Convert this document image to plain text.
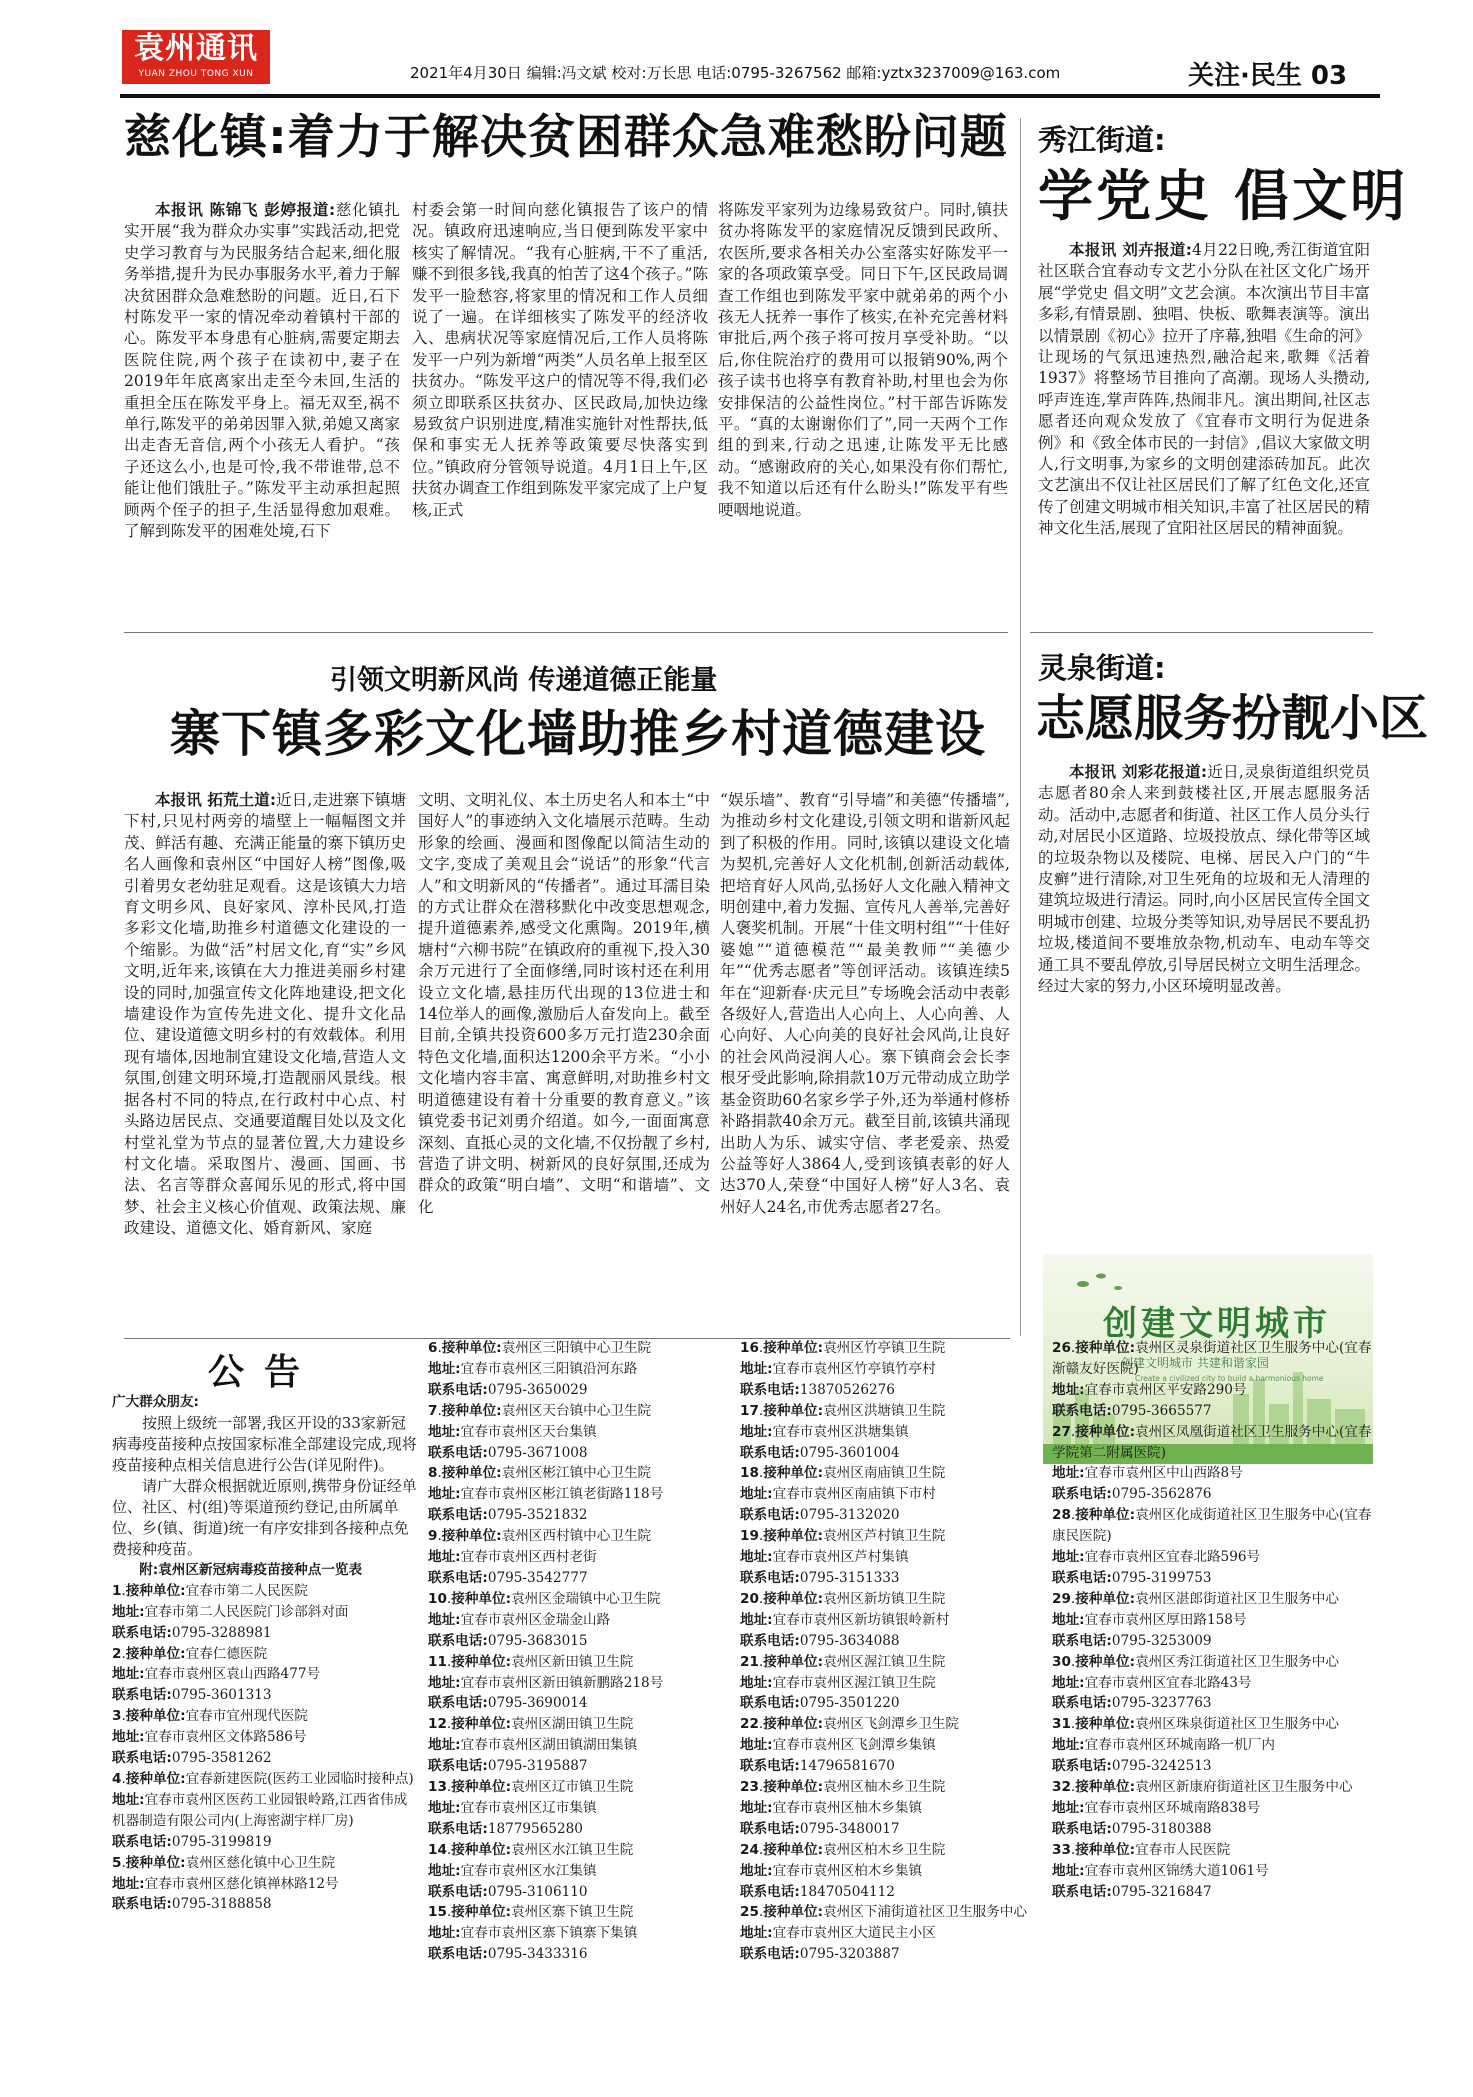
袁州通讯
YUAN ZHOU TONG XUN	2021年4月30日 编辑:冯文斌 校对:万长思 电话:0795-3267562 邮箱:yztx3237009@163.com	关注·民生 03
慈化镇:着力于解决贫困群众急难愁盼问题

本报讯 陈锦飞 彭婷报道:慈化镇扎实开展“我为群众办实事”实践活动,把党史学习教育与为民服务结合起来,细化服务举措,提升为民办事服务水平,着力于解决贫困群众急难愁盼的问题。近日,石下村陈发平一家的情况牵动着镇村干部的心。陈发平本身患有心脏病,需要定期去医院住院,两个孩子在读初中,妻子在2019年年底离家出走至今未回,生活的重担全压在陈发平身上。福无双至,祸不单行,陈发平的弟弟因罪入狱,弟媳又离家出走杳无音信,两个小孩无人看护。“孩子还这么小,也是可怜,我不带谁带,总不能让他们饿肚子。”陈发平主动承担起照顾两个侄子的担子,生活显得愈加艰难。了解到陈发平的困难处境,石下

村委会第一时间向慈化镇报告了该户的情况。镇政府迅速响应,当日便到陈发平家中核实了解情况。“我有心脏病,干不了重活,赚不到很多钱,我真的怕苦了这4个孩子。”陈发平一脸愁容,将家里的情况和工作人员细说了一遍。在详细核实了陈发平的经济收入、患病状况等家庭情况后,工作人员将陈发平一户列为新增“两类”人员名单上报至区扶贫办。“陈发平这户的情况等不得,我们必须立即联系区扶贫办、区民政局,加快边缘易致贫户识别进度,精准实施针对性帮扶,低保和事实无人抚养等政策要尽快落实到位。”镇政府分管领导说道。4月1日上午,区扶贫办调查工作组到陈发平家完成了上户复核,正式

将陈发平家列为边缘易致贫户。同时,镇扶贫办将陈发平的家庭情况反馈到民政所、农医所,要求各相关办公室落实好陈发平一家的各项政策享受。同日下午,区民政局调查工作组也到陈发平家中就弟弟的两个小孩无人抚养一事作了核实,在补充完善材料审批后,两个孩子将可按月享受补助。“以后,你住院治疗的费用可以报销90%,两个孩子读书也将享有教育补助,村里也会为你安排保洁的公益性岗位。”村干部告诉陈发平。“真的太谢谢你们了”,同一天两个工作组的到来,行动之迅速,让陈发平无比感动。“感谢政府的关心,如果没有你们帮忙,我不知道以后还有什么盼头!”陈发平有些哽咽地说道。

秀江街道:
学党史 倡文明

本报讯 刘卉报道:4月22日晚,秀江街道宜阳社区联合宜春动专文艺小分队在社区文化广场开展“学党史 倡文明”文艺会演。本次演出节目丰富多彩,有情景剧、独唱、快板、歌舞表演等。演出以情景剧《初心》拉开了序幕,独唱《生命的河》让现场的气氛迅速热烈,融洽起来,歌舞《活着1937》将整场节目推向了高潮。现场人头攒动,呼声连连,掌声阵阵,热闹非凡。演出期间,社区志愿者还向观众发放了《宜春市文明行为促进条例》和《致全体市民的一封信》,倡议大家做文明人,行文明事,为家乡的文明创建添砖加瓦。此次文艺演出不仅让社区居民们了解了红色文化,还宣传了创建文明城市相关知识,丰富了社区居民的精神文化生活,展现了宜阳社区居民的精神面貌。

引领文明新风尚 传递道德正能量
寨下镇多彩文化墙助推乡村道德建设

本报讯 拓荒土道:近日,走进寨下镇塘下村,只见村两旁的墙壁上一幅幅图文并茂、鲜活有趣、充满正能量的寨下镇历史名人画像和袁州区“中国好人榜”图像,吸引着男女老幼驻足观看。这是该镇大力培育文明乡风、良好家风、淳朴民风,打造多彩文化墙,助推乡村道德文化建设的一个缩影。为做“活”村居文化,育“实”乡风文明,近年来,该镇在大力推进美丽乡村建设的同时,加强宣传文化阵地建设,把文化墙建设作为宣传先进文化、提升文化品位、建设道德文明乡村的有效载体。利用现有墙体,因地制宜建设文化墙,营造人文氛围,创建文明环境,打造靓丽风景线。根据各村不同的特点,在行政村中心点、村头路边居民点、交通要道醒目处以及文化村堂礼堂为节点的显著位置,大力建设乡村文化墙。采取图片、漫画、国画、书法、名言等群众喜闻乐见的形式,将中国梦、社会主义核心价值观、政策法规、廉政建设、道德文化、婚育新风、家庭

文明、文明礼仪、本土历史名人和本土“中国好人”的事迹纳入文化墙展示范畴。生动形象的绘画、漫画和图像配以简洁生动的文字,变成了美观且会“说话”的形象“代言人”和文明新风的“传播者”。通过耳濡目染的方式让群众在潜移默化中改变思想观念,提升道德素养,感受文化熏陶。2019年,横塘村“六柳书院”在镇政府的重视下,投入30余万元进行了全面修缮,同时该村还在利用设立文化墙,悬挂历代出现的13位进士和14位举人的画像,激励后人奋发向上。截至目前,全镇共投资600多万元打造230余面特色文化墙,面积达1200余平方米。“小小文化墙内容丰富、寓意鲜明,对助推乡村文明道德建设有着十分重要的教育意义。”该镇党委书记刘勇介绍道。如今,一面面寓意深刻、直抵心灵的文化墙,不仅扮靓了乡村,营造了讲文明、树新风的良好氛围,还成为群众的政策“明白墙”、文明“和谐墙”、文化

“娱乐墙”、教育“引导墙”和美德“传播墙”,为推动乡村文化建设,引领文明和谐新风起到了积极的作用。同时,该镇以建设文化墙为契机,完善好人文化机制,创新活动载体,把培育好人风尚,弘扬好人文化融入精神文明创建中,着力发掘、宣传凡人善举,完善好人褒奖机制。开展“十佳文明村组”“十佳好婆媳”“道德模范”“最美教师”“美德少年”“优秀志愿者”等创评活动。该镇连续5年在“迎新春·庆元旦”专场晚会活动中表彰各级好人,营造出人心向上、人心向善、人心向好、人心向美的良好社会风尚,让良好的社会风尚浸润人心。寨下镇商会会长李根牙受此影响,除捐款10万元带动成立助学基金资助60名家乡学子外,还为举通村修桥补路捐款40余万元。截至目前,该镇共涌现出助人为乐、诚实守信、孝老爱亲、热爱公益等好人3864人,受到该镇表彰的好人达370人,荣登“中国好人榜”好人3名、袁州好人24名,市优秀志愿者27名。

灵泉街道:
志愿服务扮靓小区

本报讯 刘彩花报道:近日,灵泉街道组织党员志愿者80余人来到鼓楼社区,开展志愿服务活动。活动中,志愿者和街道、社区工作人员分头行动,对居民小区道路、垃圾投放点、绿化带等区域的垃圾杂物以及楼院、电梯、居民入户门的“牛皮癣”进行清除,对卫生死角的垃圾和无人清理的建筑垃圾进行清运。同时,向小区居民宣传全国文明城市创建、垃圾分类等知识,劝导居民不要乱扔垃圾,楼道间不要堆放杂物,机动车、电动车等交通工具不要乱停放,引导居民树立文明生活理念。经过大家的努力,小区环境明显改善。

创建文明城市
创建文明城市 共建和谐家园
Create a civilized city to build a harmonious home
公告
广大群众朋友:
按照上级统一部署,我区开设的33家新冠病毒疫苗接种点按国家标准全部建设完成,现将疫苗接种点相关信息进行公告(详见附件)。
请广大群众根据就近原则,携带身份证经单位、社区、村(组)等渠道预约登记,由所属单位、乡(镇、街道)统一有序安排到各接种点免费接种疫苗。
附:袁州区新冠病毒疫苗接种点一览表
1.接种单位:宜春市第二人民医院
地址:宜春市第二人民医院门诊部斜对面
联系电话:0795-3288981
2.接种单位:宜春仁德医院
地址:宜春市袁州区袁山西路477号
联系电话:0795-3601313
3.接种单位:宜春市宜州现代医院
地址:宜春市袁州区文体路586号
联系电话:0795-3581262
4.接种单位:宜春新建医院(医药工业园临时接种点)
地址:宜春市袁州区医药工业园银岭路,江西省伟成机器制造有限公司内(上海密湖宇样厂房)
联系电话:0795-3199819
5.接种单位:袁州区慈化镇中心卫生院
地址:宜春市袁州区慈化镇禅林路12号
联系电话:0795-3188858
6.接种单位:袁州区三阳镇中心卫生院
地址:宜春市袁州区三阳镇沿河东路
联系电话:0795-3650029
7.接种单位:袁州区天台镇中心卫生院
地址:宜春市袁州区天台集镇
联系电话:0795-3671008
8.接种单位:袁州区彬江镇中心卫生院
地址:宜春市袁州区彬江镇老街路118号
联系电话:0795-3521832
9.接种单位:袁州区西村镇中心卫生院
地址:宜春市袁州区西村老街
联系电话:0795-3542777
10.接种单位:袁州区金瑞镇中心卫生院
地址:宜春市袁州区金瑞金山路
联系电话:0795-3683015
11.接种单位:袁州区新田镇卫生院
地址:宜春市袁州区新田镇新鹏路218号
联系电话:0795-3690014
12.接种单位:袁州区湖田镇卫生院
地址:宜春市袁州区湖田镇湖田集镇
联系电话:0795-3195887
13.接种单位:袁州区辽市镇卫生院
地址:宜春市袁州区辽市集镇
联系电话:18779565280
14.接种单位:袁州区水江镇卫生院
地址:宜春市袁州区水江集镇
联系电话:0795-3106110
15.接种单位:袁州区寨下镇卫生院
地址:宜春市袁州区寨下镇寨下集镇
联系电话:0795-3433316
16.接种单位:袁州区竹亭镇卫生院
地址:宜春市袁州区竹亭镇竹亭村
联系电话:13870526276
17.接种单位:袁州区洪塘镇卫生院
地址:宜春市袁州区洪塘集镇
联系电话:0795-3601004
18.接种单位:袁州区南庙镇卫生院
地址:宜春市袁州区南庙镇下市村
联系电话:0795-3132020
19.接种单位:袁州区芦村镇卫生院
地址:宜春市袁州区芦村集镇
联系电话:0795-3151333
20.接种单位:袁州区新坊镇卫生院
地址:宜春市袁州区新坊镇银岭新村
联系电话:0795-3634088
21.接种单位:袁州区渥江镇卫生院
地址:宜春市袁州区渥江镇卫生院
联系电话:0795-3501220
22.接种单位:袁州区飞剑潭乡卫生院
地址:宜春市袁州区飞剑潭乡集镇
联系电话:14796581670
23.接种单位:袁州区柚木乡卫生院
地址:宜春市袁州区柚木乡集镇
联系电话:0795-3480017
24.接种单位:袁州区柏木乡卫生院
地址:宜春市袁州区柏木乡集镇
联系电话:18470504112
25.接种单位:袁州区下浦街道社区卫生服务中心
地址:宜春市袁州区大道民主小区
联系电话:0795-3203887
26.接种单位:袁州区灵泉街道社区卫生服务中心(宜春渐赣友好医院)
地址:宜春市袁州区平安路290号
联系电话:0795-3665577
27.接种单位:袁州区凤凰街道社区卫生服务中心(宜春学院第二附属医院)
地址:宜春市袁州区中山西路8号
联系电话:0795-3562876
28.接种单位:袁州区化成街道社区卫生服务中心(宜春康民医院)
地址:宜春市袁州区宜春北路596号
联系电话:0795-3199753
29.接种单位:袁州区湛郎街道社区卫生服务中心
地址:宜春市袁州区厚田路158号
联系电话:0795-3253009
30.接种单位:袁州区秀江街道社区卫生服务中心
地址:宜春市袁州区宜春北路43号
联系电话:0795-3237763
31.接种单位:袁州区珠泉街道社区卫生服务中心
地址:宜春市袁州区环城南路一机厂内
联系电话:0795-3242513
32.接种单位:袁州区新康府街道社区卫生服务中心
地址:宜春市袁州区环城南路838号
联系电话:0795-3180388
33.接种单位:宜春市人民医院
地址:宜春市袁州区锦绣大道1061号
联系电话:0795-3216847
